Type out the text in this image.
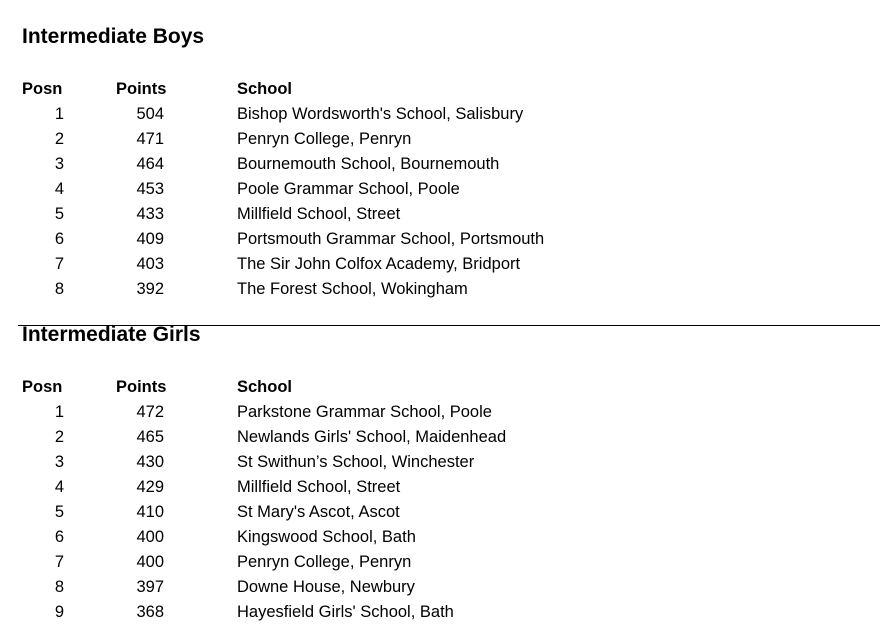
Intermediate Boys
Posn	Points	School
1	504	Bishop Wordsworth's School, Salisbury
2	471	Penryn College, Penryn
3	464	Bournemouth School, Bournemouth
4	453	Poole Grammar School, Poole
5	433	Millfield School, Street
6	409	Portsmouth Grammar School, Portsmouth
7	403	The Sir John Colfox Academy, Bridport
8	392	The Forest School, Wokingham
Intermediate Girls
Posn	Points	School
1	472	Parkstone Grammar School, Poole
2	465	Newlands Girls' School, Maidenhead
3	430	St Swithun’s School, Winchester
4	429	Millfield School, Street
5	410	St Mary's Ascot, Ascot
6	400	Kingswood School, Bath
7	400	Penryn College, Penryn
8	397	Downe House, Newbury
9	368	Hayesfield Girls' School, Bath
